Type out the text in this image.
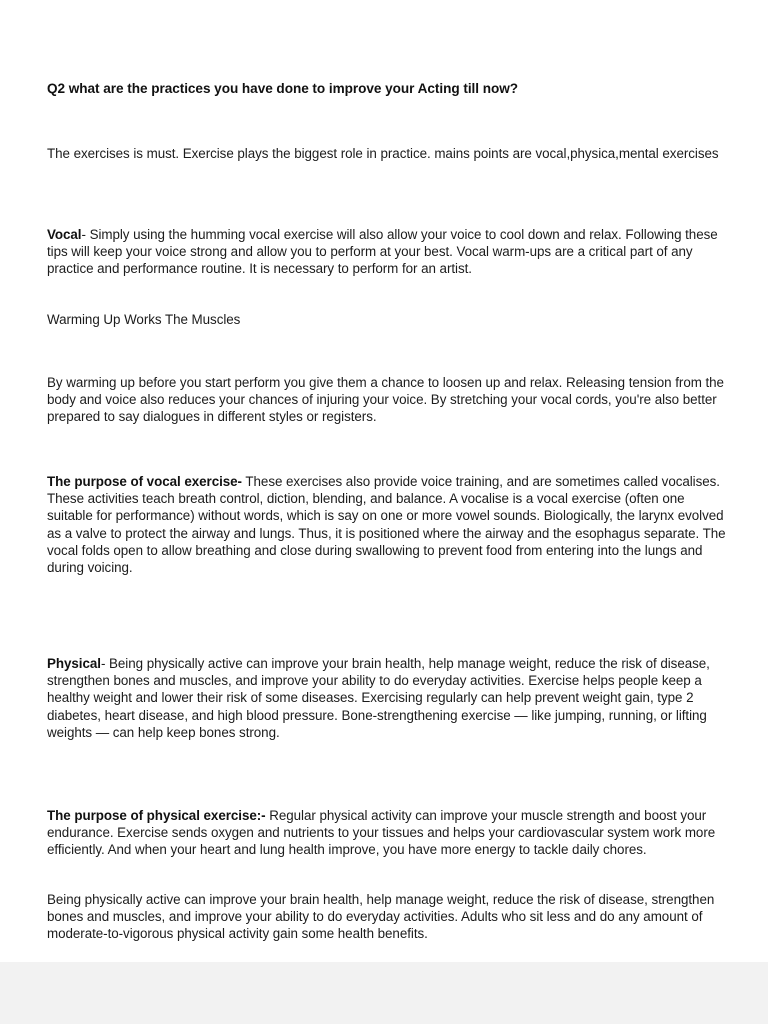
Q2 what are the practices you have done to improve your Acting till now?

The exercises is must. Exercise plays the biggest role in practice. mains points are vocal,physica,mental exercises

Vocal- Simply using the humming vocal exercise will also allow your voice to cool down and relax. Following these tips will keep your voice strong and allow you to perform at your best. Vocal warm-ups are a critical part of any practice and performance routine. It is necessary to perform for an artist.

Warming Up Works The Muscles

By warming up before you start perform you give them a chance to loosen up and relax. Releasing tension from the body and voice also reduces your chances of injuring your voice. By stretching your vocal cords, you're also better prepared to say dialogues in different styles or registers.

The purpose of vocal exercise- These exercises also provide voice training, and are sometimes called vocalises. These activities teach breath control, diction, blending, and balance. A vocalise is a vocal exercise (often one suitable for performance) without words, which is say on one or more vowel sounds. Biologically, the larynx evolved as a valve to protect the airway and lungs. Thus, it is positioned where the airway and the esophagus separate. The vocal folds open to allow breathing and close during swallowing to prevent food from entering into the lungs and during voicing.

Physical- Being physically active can improve your brain health, help manage weight, reduce the risk of disease, strengthen bones and muscles, and improve your ability to do everyday activities. Exercise helps people keep a healthy weight and lower their risk of some diseases. Exercising regularly can help prevent weight gain, type 2 diabetes, heart disease, and high blood pressure. Bone-strengthening exercise — like jumping, running, or lifting weights — can help keep bones strong.

The purpose of physical exercise:- Regular physical activity can improve your muscle strength and boost your endurance. Exercise sends oxygen and nutrients to your tissues and helps your cardiovascular system work more efficiently. And when your heart and lung health improve, you have more energy to tackle daily chores.

Being physically active can improve your brain health, help manage weight, reduce the risk of disease, strengthen bones and muscles, and improve your ability to do everyday activities. Adults who sit less and do any amount of moderate-to-vigorous physical activity gain some health benefits.
